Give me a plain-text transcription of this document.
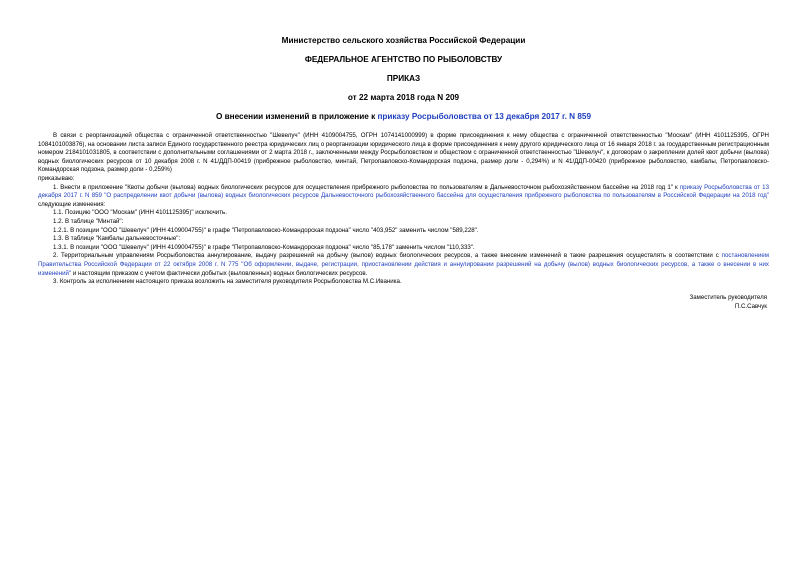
Министерство сельского хозяйства Российской Федерации
ФЕДЕРАЛЬНОЕ АГЕНТСТВО ПО РЫБОЛОВСТВУ
ПРИКАЗ
от 22 марта 2018 года N 209
О внесении изменений в приложение к приказу Росрыболовства от 13 декабря 2017 г. N 859

В связи с реорганизацией общества с ограниченной ответственностью "Шевелуч" (ИНН 4109004755, ОГРН 1074141000999) в форме присоединения к нему общества с ограниченной ответственностью "Москам" (ИНН 4101125395, ОГРН 1084101003876), на основании листа записи Единого государственного реестра юридических лиц о реорганизации юридического лица в форме присоединения к нему другого юридического лица от 16 января 2018 г. за государственным регистрационным номером 2184101031805, в соответствии с дополнительными соглашениями от 2 марта 2018 г., заключенными между Росрыболовством и обществом с ограниченной ответственностью "Шевелуч", к договорам о закреплении долей квот добычи (вылова) водных биологических ресурсов от 10 декабря 2008 г. N 41/ДДП-00419 (прибрежное рыболовство, минтай, Петропавловско-Командорская подзона, размер доли - 0,294%) и N 41/ДДП-00420 (прибрежное рыболовство, камбалы, Петропавловско-Командорская подзона, размер доли - 0,259%)

приказываю:

1. Внести в приложение "Квоты добычи (вылова) водных биологических ресурсов для осуществления прибрежного рыболовства по пользователям в Дальневосточном рыбохозяйственном бассейне на 2018 год 1" к приказу Росрыболовства от 13 декабря 2017 г. N 859 "О распределении квот добычи (вылова) водных биологических ресурсов Дальневосточного рыбохозяйственного бассейна для осуществления прибрежного рыболовства по пользователям в Российской Федерации на 2018 год" следующие изменения:

1.1. Позицию "ООО "Москам" (ИНН 4101125395)" исключить.

1.2. В таблице "Минтай":

1.2.1. В позиции "ООО "Шевелуч" (ИНН 4109004755)" в графе "Петропавловско-Командорская подзона" число "403,952" заменить числом "589,228".

1.3. В таблице "Камбалы дальневосточные":

1.3.1. В позиции "ООО "Шевелуч" (ИНН 4109004755)" в графе "Петропавловско-Командорская подзона" число "85,178" заменить числом "110,333".

2. Территориальным управлениям Росрыболовства аннулирование, выдачу разрешений на добычу (вылов) водных биологических ресурсов, а также внесение изменений в такие разрешения осуществлять в соответствии с постановлением Правительства Российской Федерации от 22 октября 2008 г. N 775 "Об оформлении, выдаче, регистрации, приостановлении действия и аннулировании разрешений на добычу (вылов) водных биологических ресурсов, а также о внесении в них изменений" и настоящим приказом с учетом фактически добытых (выловленных) водных биологических ресурсов.

3. Контроль за исполнением настоящего приказа возложить на заместителя руководителя Росрыболовства М.С.Иваника.

Заместитель руководителя
П.С.Савчук
